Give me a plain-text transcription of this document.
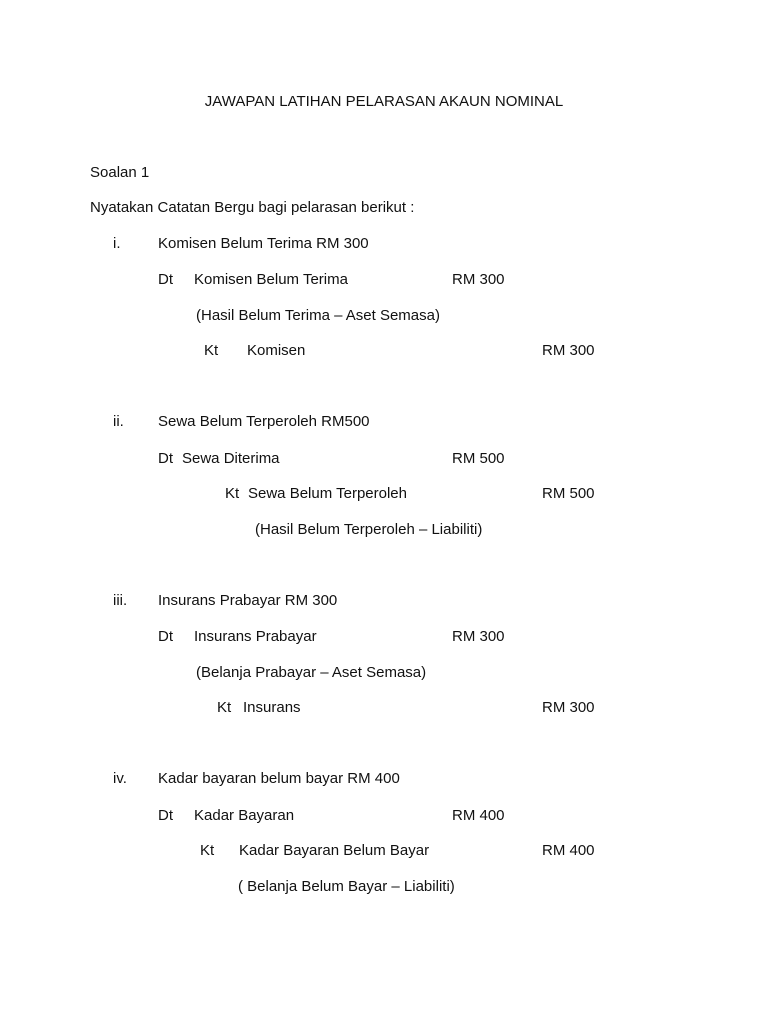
JAWAPAN LATIHAN PELARASAN AKAUN NOMINAL
Soalan 1
Nyatakan Catatan Bergu bagi pelarasan berikut :
i.	Komisen Belum Terima RM 300
Dt Komisen Belum Terima	RM 300
(Hasil Belum Terima – Aset Semasa)
Kt Komisen	RM 300
ii. Sewa Belum Terperoleh RM500
Dt Sewa Diterima	RM 500
Kt Sewa Belum Terperoleh	RM 500
(Hasil Belum Terperoleh – Liabiliti)
iii. Insurans Prabayar RM 300
Dt Insurans Prabayar	RM 300
(Belanja Prabayar – Aset Semasa)
Kt Insurans	RM 300
iv. Kadar bayaran belum bayar RM 400
Dt Kadar Bayaran	RM 400
Kt Kadar Bayaran Belum Bayar	RM 400
( Belanja Belum Bayar – Liabiliti)
